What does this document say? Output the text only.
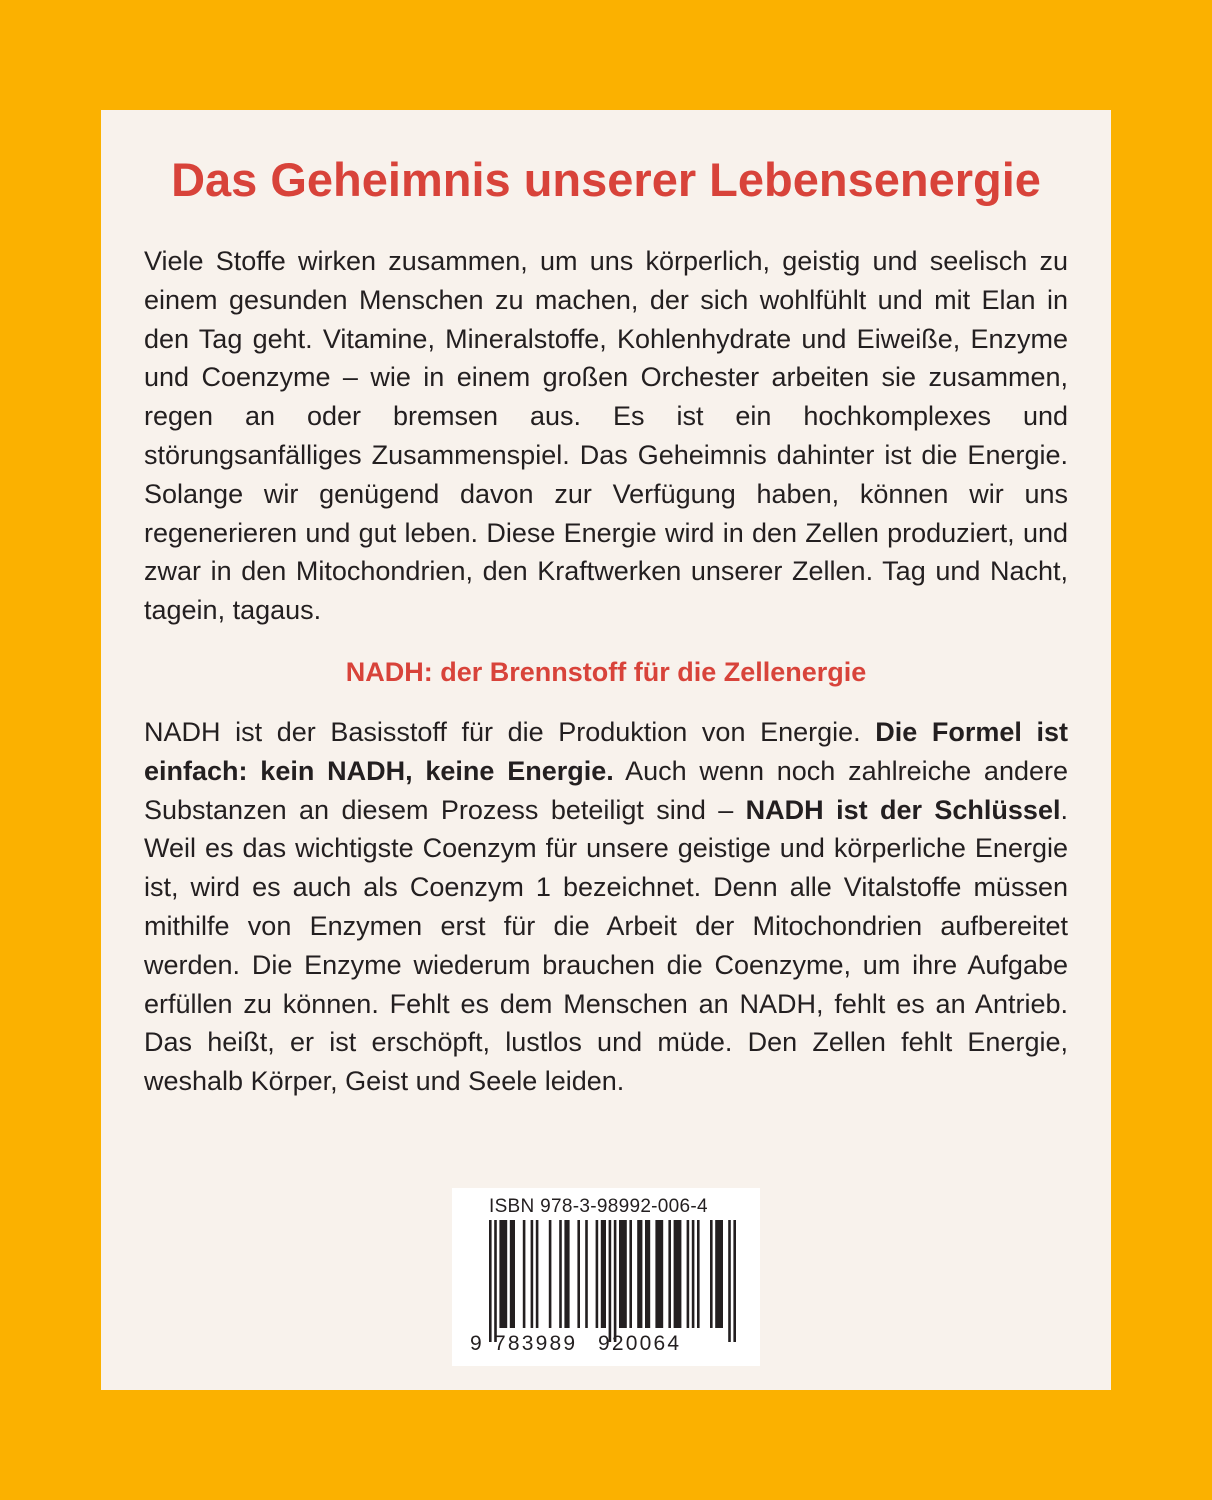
Das Geheimnis unserer Lebensenergie

Viele Stoffe wirken zusammen, um uns körperlich, geistig und seelisch zu einem gesunden Menschen zu machen, der sich wohlfühlt und mit Elan in den Tag geht. Vitamine, Mineralstoffe, Kohlenhydrate und Eiweiße, Enzyme und Coenzyme – wie in einem großen Orchester arbeiten sie zusammen, regen an oder bremsen aus. Es ist ein hochkomplexes und störungsanfälliges Zusammenspiel. Das Geheimnis dahinter ist die Energie. Solange wir genügend davon zur Verfügung haben, können wir uns regenerieren und gut leben. Diese Energie wird in den Zellen produziert, und zwar in den Mitochondrien, den Kraftwerken unserer Zellen. Tag und Nacht, tagein, tagaus.

NADH: der Brennstoff für die Zellenergie

NADH ist der Basisstoff für die Produktion von Energie. Die Formel ist einfach: kein NADH, keine Energie. Auch wenn noch zahlreiche andere Substanzen an diesem Prozess beteiligt sind – NADH ist der Schlüssel. Weil es das wichtigste Coenzym für unsere geistige und körperliche Energie ist, wird es auch als Coenzym 1 bezeichnet. Denn alle Vitalstoffe müssen mithilfe von Enzymen erst für die Arbeit der Mitochondrien aufbereitet werden. Die Enzyme wiederum brauchen die Coenzyme, um ihre Aufgabe erfüllen zu können. Fehlt es dem Menschen an NADH, fehlt es an Antrieb. Das heißt, er ist erschöpft, lustlos und müde. Den Zellen fehlt Energie, weshalb Körper, Geist und Seele leiden.

ISBN 978-3-98992-006-4
9 783989 920064
